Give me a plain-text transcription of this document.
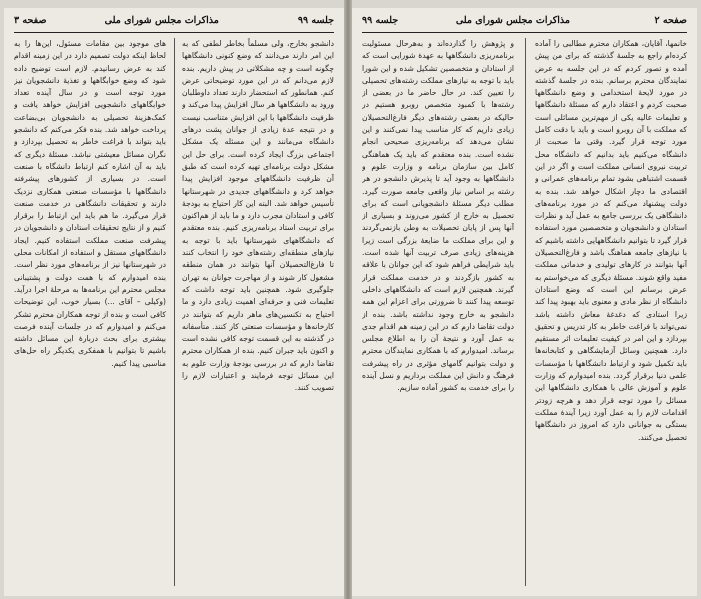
صفحه ۲
مذاکرات مجلس شورای ملی
جلسه ۹۹

خانمها، آقایان، همکاران محترم مطالبی را آماده کرده‌ام راجع به جلسهٔ گذشته که برای من پیش آمده و تصور کردم که در این جلسه به عرض نمایندگان محترم برسانم. بنده در جلسهٔ گذشته در مورد لایحهٔ استخدامی و وضع دانشگاهها صحبت کردم و اعتقاد دارم که مسئلهٔ دانشگاهها و تعلیمات عالیه یکی از مهم‌ترین مسائلی است که مملکت با آن روبرو است و باید با دقت کامل مورد توجه قرار گیرد. وقتی ما صحبت از دانشگاه می‌کنیم باید بدانیم که دانشگاه محل تربیت نیروی انسانی مملکت است و اگر در این قسمت اشتباهی بشود تمام برنامه‌های عمرانی و اقتصادی ما دچار اشکال خواهد شد. بنده به دولت پیشنهاد می‌کنم که در مورد برنامه‌های دانشگاهی یک بررسی جامع به عمل آید و نظرات استادان و دانشجویان و متخصصین مورد استفاده قرار گیرد تا بتوانیم دانشگاههایی داشته باشیم که با نیازهای جامعه هماهنگ باشد و فارغ‌التحصیلان آنها بتوانند در کارهای تولیدی و خدماتی مملکت مفید واقع شوند. مسئلهٔ دیگری که می‌خواستم به عرض برسانم این است که وضع استادان دانشگاه از نظر مادی و معنوی باید بهبود پیدا کند زیرا استادی که دغدغهٔ معاش داشته باشد نمی‌تواند با فراغت خاطر به کار تدریس و تحقیق بپردازد و این امر در کیفیت تعلیمات اثر مستقیم دارد. همچنین وسائل آزمایشگاهی و کتابخانه‌ها باید تکمیل شود و ارتباط دانشگاهها با مؤسسات علمی دنیا برقرار گردد. بنده امیدوارم که وزارت علوم و آموزش عالی با همکاری دانشگاهها این مسائل را مورد توجه قرار دهد و هرچه زودتر اقدامات لازم را به عمل آورد زیرا آیندهٔ مملکت بستگی به جوانانی دارد که امروز در دانشگاهها تحصیل می‌کنند.

و پژوهش را گذارده‌اند و به‌هرحال مسئولیت برنامه‌ریزی دانشگاهها به عهدهٔ شورایی است که از استادان و متخصصین تشکیل شده و این شورا باید با توجه به نیازهای مملکت رشته‌های تحصیلی را تعیین کند. در حال حاضر ما در بعضی از رشته‌ها با کمبود متخصص روبرو هستیم در حالیکه در بعضی رشته‌های دیگر فارغ‌التحصیلان زیادی داریم که کار مناسب پیدا نمی‌کنند و این نشان می‌دهد که برنامه‌ریزی صحیحی انجام نشده است. بنده معتقدم که باید یک هماهنگی کامل بین سازمان برنامه و وزارت علوم و دانشگاهها به وجود آید تا پذیرش دانشجو در هر رشته بر اساس نیاز واقعی جامعه صورت گیرد. مطلب دیگر مسئلهٔ دانشجویانی است که برای تحصیل به خارج از کشور می‌روند و بسیاری از آنها پس از پایان تحصیلات به وطن بازنمی‌گردند و این برای مملکت ما ضایعهٔ بزرگی است زیرا هزینه‌های زیادی صرف تربیت آنها شده است. باید شرایطی فراهم شود که این جوانان با علاقه به کشور بازگردند و در خدمت مملکت قرار گیرند. همچنین لازم است که دانشگاههای داخلی توسعه پیدا کنند تا ضرورتی برای اعزام این همه دانشجو به خارج وجود نداشته باشد. بنده از دولت تقاضا دارم که در این زمینه هم اقدام جدی به عمل آورد و نتیجهٔ آن را به اطلاع مجلس برساند. امیدوارم که با همکاری نمایندگان محترم و دولت بتوانیم گامهای مؤثری در راه پیشرفت فرهنگ و دانش این مملکت برداریم و نسل آینده را برای خدمت به کشور آماده سازیم.

صفحه ۳	مذاکرات مجلس شورای ملی	جلسه ۹۹

دانشجو بخارج، ولی مسلماً بخاطر لطفی که به این امر دارند می‌دانند که وضع کنونی دانشگاهها چگونه است و چه مشکلاتی در پیش داریم. بنده لازم می‌دانم که در این مورد توضیحاتی عرض کنم. همانطور که استحضار دارند تعداد داوطلبان ورود به دانشگاهها هر سال افزایش پیدا می‌کند و ظرفیت دانشگاهها با این افزایش متناسب نیست و در نتیجه عدهٔ زیادی از جوانان پشت درهای دانشگاه می‌مانند و این مسئله یک مشکل اجتماعی بزرگ ایجاد کرده است. برای حل این مشکل دولت برنامه‌ای تهیه کرده است که طبق آن ظرفیت دانشگاههای موجود افزایش پیدا خواهد کرد و دانشگاههای جدیدی در شهرستانها تأسیس خواهد شد. البته این کار احتیاج به بودجهٔ کافی و استادان مجرب دارد و ما باید از هم‌اکنون برای تربیت استاد برنامه‌ریزی کنیم. بنده معتقدم که دانشگاههای شهرستانها باید با توجه به نیازهای منطقه‌ای رشته‌های خود را انتخاب کنند تا فارغ‌التحصیلان آنها بتوانند در همان منطقه مشغول کار شوند و از مهاجرت جوانان به تهران جلوگیری شود. همچنین باید توجه داشت که تعلیمات فنی و حرفه‌ای اهمیت زیادی دارد و ما احتیاج به تکنسین‌های ماهر داریم که بتوانند در کارخانه‌ها و مؤسسات صنعتی کار کنند. متأسفانه در گذشته به این قسمت توجه کافی نشده است و اکنون باید جبران کنیم. بنده از همکاران محترم تقاضا دارم که در بررسی بودجهٔ وزارت علوم به این مسائل توجه فرمایند و اعتبارات لازم را تصویب کنند.

های موجود بین مقامات مسئول، این‌ها را به لحاظ اینکه دولت تصمیم دارد در این زمینه اقدام کند به عرض رسانیدم. لازم است توضیح داده شود که وضع خوابگاهها و تغذیهٔ دانشجویان نیز مورد توجه است و در سال آینده تعداد خوابگاههای دانشجویی افزایش خواهد یافت و کمک‌هزینهٔ تحصیلی به دانشجویان بی‌بضاعت پرداخت خواهد شد. بنده فکر می‌کنم که دانشجو باید بتواند با فراغت خاطر به تحصیل بپردازد و نگران مسائل معیشتی نباشد. مسئلهٔ دیگری که باید به آن اشاره کنم ارتباط دانشگاه با صنعت است. در بسیاری از کشورهای پیشرفته دانشگاهها با مؤسسات صنعتی همکاری نزدیک دارند و تحقیقات دانشگاهی در خدمت صنعت قرار می‌گیرد. ما هم باید این ارتباط را برقرار کنیم و از نتایج تحقیقات استادان و دانشجویان در پیشرفت صنعت مملکت استفاده کنیم. ایجاد دانشگاههای مستقل و استفاده از امکانات محلی در شهرستانها نیز از برنامه‌های مورد نظر است. بنده امیدوارم که با همت دولت و پشتیبانی مجلس محترم این برنامه‌ها به مرحلهٔ اجرا درآید. (وکیلی – آقای ...) بسیار خوب، این توضیحات کافی است و بنده از توجه همکاران محترم تشکر می‌کنم و امیدوارم که در جلسات آینده فرصت بیشتری برای بحث دربارهٔ این مسائل داشته باشیم تا بتوانیم با همفکری یکدیگر راه حل‌های مناسبی پیدا کنیم.
